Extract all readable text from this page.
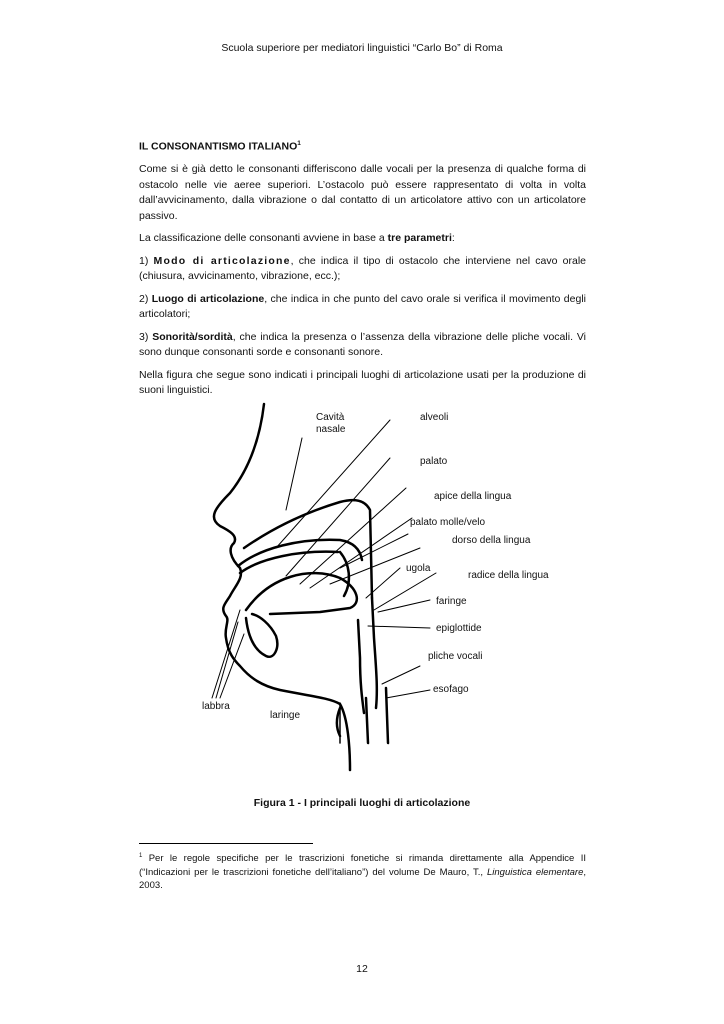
Scuola superiore per mediatori linguistici “Carlo Bo” di Roma
IL CONSONANTISMO ITALIANO$^1$

Come si è già detto le consonanti differiscono dalle vocali per la presenza di qualche forma di ostacolo nelle vie aeree superiori. L’ostacolo può essere rappresentato di volta in volta dall’avvicinamento, dalla vibrazione o dal contatto di un articolatore attivo con un articolatore passivo.

La classificazione delle consonanti avviene in base a tre parametri:

1) Modo di articolazione, che indica il tipo di ostacolo che interviene nel cavo orale (chiusura, avvicinamento, vibrazione, ecc.);

2) Luogo di articolazione, che indica in che punto del cavo orale si verifica il movimento degli articolatori;

3) Sonorità/sordità, che indica la presenza o l’assenza della vibrazione delle pliche vocali. Vi sono dunque consonanti sorde e consonanti sonore.

Nella figura che segue sono indicati i principali luoghi di articolazione usati per la produzione di suoni linguistici.

Cavità
nasale
alveoli
palato
apice della lingua
palato molle/velo
dorso della lingua
ugola
radice della lingua
faringe
epiglottide
pliche vocali
esofago
labbra
laringe
Figura 1 - I principali luoghi di articolazione
$^1$ Per le regole specifiche per le trascrizioni fonetiche si rimanda direttamente alla Appendice II (“Indicazioni per le trascrizioni fonetiche dell’italiano”) del volume De Mauro, T., Linguistica elementare, 2003.
12
